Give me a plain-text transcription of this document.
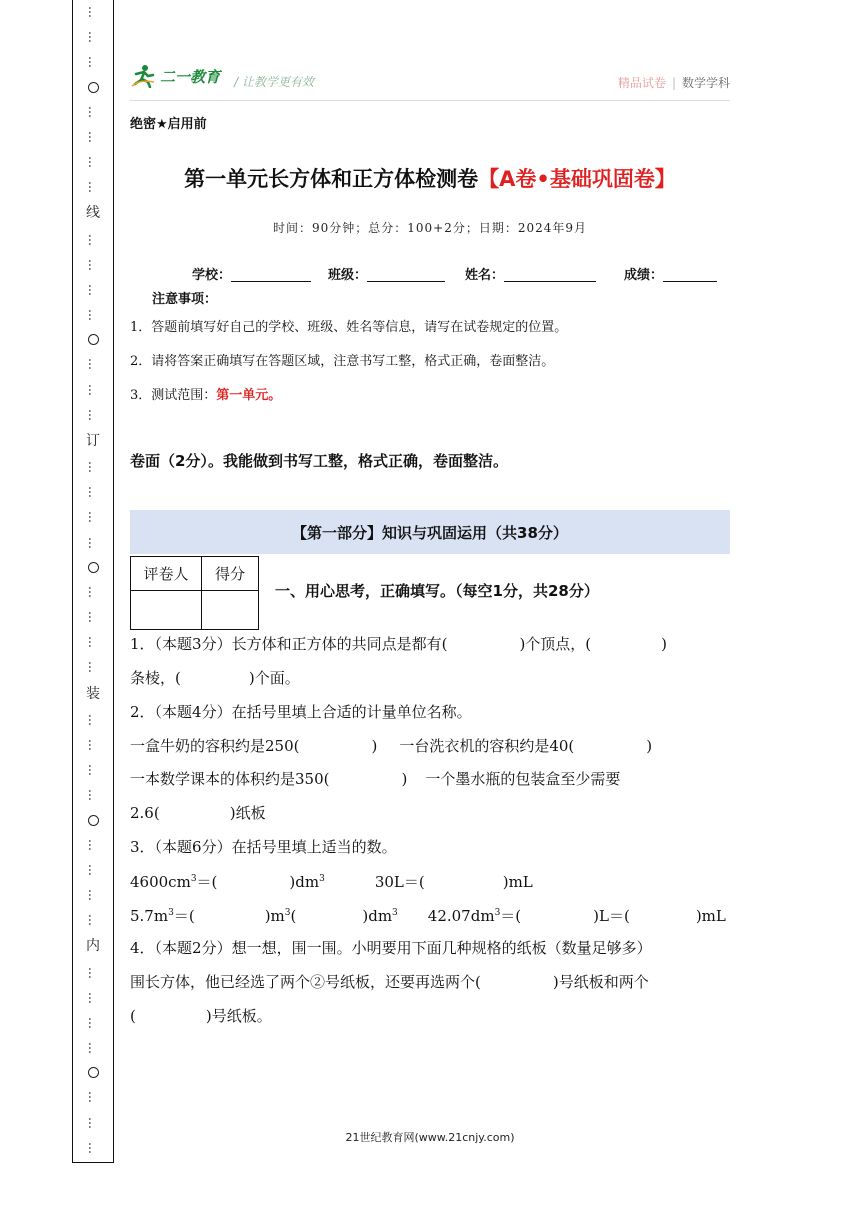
…
…
…
…
…
…
…
线
…
…
…
…
…
…
…
订
…
…
…
…
…
…
…
…
装
…
…
…
…
…
…
…
…
内
…
…
…
…
…
…
…
二一教育 / 让教学更有效	精品试卷 | 数学学科
绝密★启用前
第一单元长方体和正方体检测卷【A卷•基础巩固卷】
时间：90分钟；总分：100+2分；日期：2024年9月
学校：	班级：	姓名：	成绩：
注意事项：
1．答题前填写好自己的学校、班级、姓名等信息，请写在试卷规定的位置。
2．请将答案正确填写在答题区域，注意书写工整，格式正确，卷面整洁。
3．测试范围：第一单元。
卷面（2分）。我能做到书写工整，格式正确，卷面整洁。
【第一部分】知识与巩固运用（共38分）
评卷人	得分

一、用心思考，正确填写。（每空1分，共28分）
1．（本题3分）长方体和正方体的共同点是都有(	)个顶点，(	)
条棱，(	)个面。
2．（本题4分）在括号里填上合适的计量单位名称。
一盒牛奶的容积约是250(	) 一台洗衣机的容积约是40(	)
一本数学课本的体积约是350(	) 一个墨水瓶的包装盒至少需要
2.6(	)纸板
3．（本题6分）在括号里填上适当的数。
$4600cm^3=$(	)$dm^3$	30L＝(	)mL
$5.7m^3=$(	)$m^3$(	)$dm^3$ $42.07dm^3=$(	)L＝(	)mL
4．（本题2分）想一想，围一围。小明要用下面几种规格的纸板（数量足够多）
围长方体，他已经选了两个②号纸板，还要再选两个(	)号纸板和两个
(	)号纸板。
21世纪教育网(www.21cnjy.com)
